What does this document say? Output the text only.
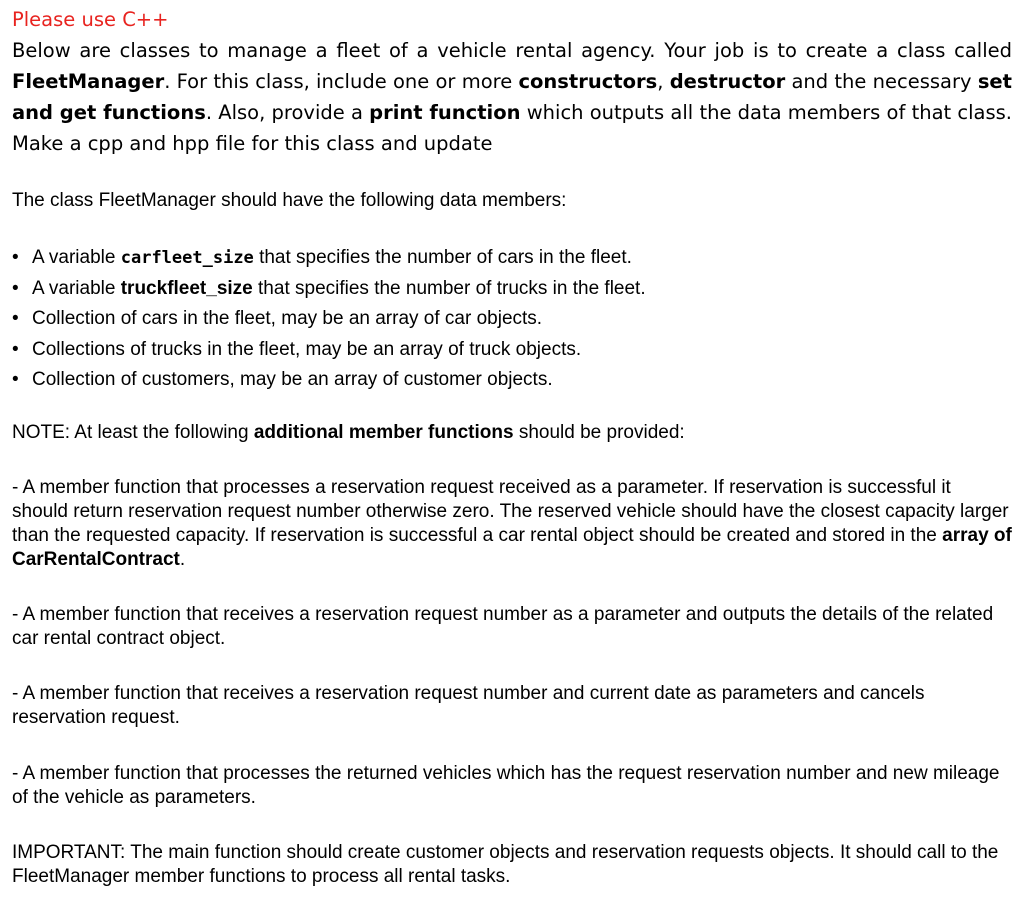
Please use C++

Below are classes to manage a fleet of a vehicle rental agency. Your job is to create a class called FleetManager. For this class, include one or more constructors, destructor and the necessary set and get functions. Also, provide a print function which outputs all the data members of that class. Make a cpp and hpp file for this class and update

The class FleetManager should have the following data members:

• A variable carfleet_size that specifies the number of cars in the fleet.
• A variable truckfleet_size that specifies the number of trucks in the fleet.
• Collection of cars in the fleet, may be an array of car objects.
• Collections of trucks in the fleet, may be an array of truck objects.
• Collection of customers, may be an array of customer objects.

NOTE: At least the following additional member functions should be provided:

- A member function that processes a reservation request received as a parameter. If reservation is successful it should return reservation request number otherwise zero. The reserved vehicle should have the closest capacity larger than the requested capacity. If reservation is successful a car rental object should be created and stored in the array of CarRentalContract.

- A member function that receives a reservation request number as a parameter and outputs the details of the related car rental contract object.

- A member function that receives a reservation request number and current date as parameters and cancels reservation request.

- A member function that processes the returned vehicles which has the request reservation number and new mileage of the vehicle as parameters.

IMPORTANT: The main function should create customer objects and reservation requests objects. It should call to the FleetManager member functions to process all rental tasks.
